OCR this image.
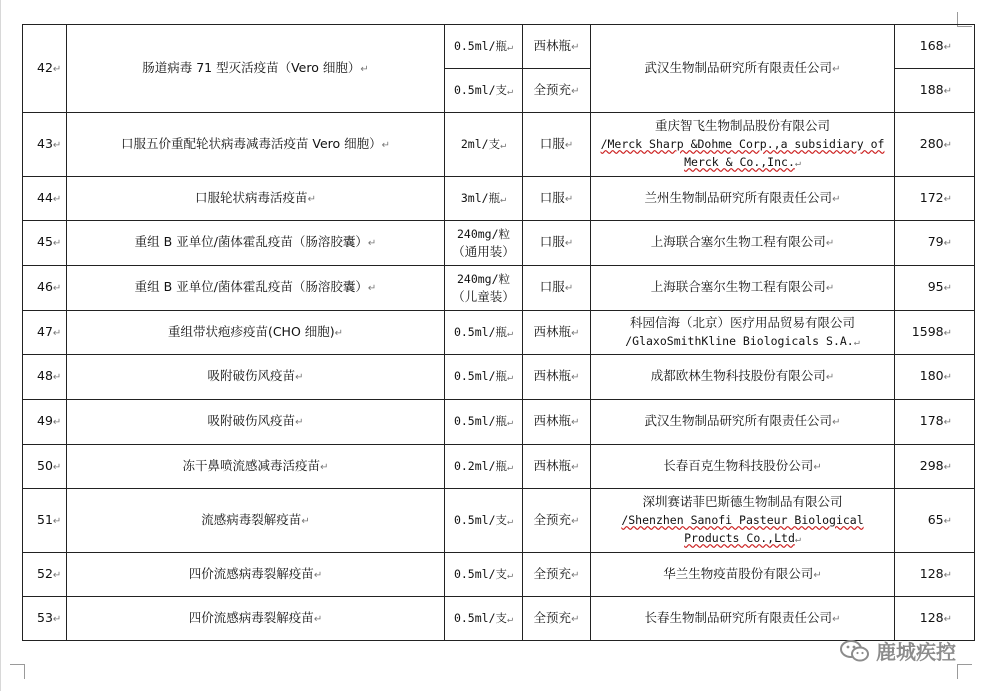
42↵	肠道病毒 71 型灭活疫苗（Vero 细胞）↵	0.5ml/瓶↵	西林瓶↵	武汉生物制品研究所有限责任公司↵	168↵
		0.5ml/支↵	全预充↵		188↵
43↵	口服五价重配轮状病毒减毒活疫苗 Vero 细胞）↵	2ml/支↵	口服↵	重庆智飞生物制品股份有限公司
/Merck Sharp &Dohme Corp.,a subsidiary of
Merck & Co.,Inc.↵	280↵
44↵	口服轮状病毒活疫苗↵	3ml/瓶↵	口服↵	兰州生物制品研究所有限责任公司↵	172↵
45↵	重组 B 亚单位/菌体霍乱疫苗（肠溶胶囊）↵	240mg/粒
（通用装）	口服↵	上海联合塞尔生物工程有限公司↵	79↵
46↵	重组 B 亚单位/菌体霍乱疫苗（肠溶胶囊）↵	240mg/粒
（儿童装）	口服↵	上海联合塞尔生物工程有限公司↵	95↵
47↵	重组带状疱疹疫苗(CHO 细胞)↵	0.5ml/瓶↵	西林瓶↵	科园信海（北京）医疗用品贸易有限公司
/GlaxoSmithKline Biologicals S.A.↵	1598↵
48↵	吸附破伤风疫苗↵	0.5ml/瓶↵	西林瓶↵	成都欧林生物科技股份有限公司↵	180↵
49↵	吸附破伤风疫苗↵	0.5ml/瓶↵	西林瓶↵	武汉生物制品研究所有限责任公司↵	178↵
50↵	冻干鼻喷流感减毒活疫苗↵	0.2ml/瓶↵	西林瓶↵	长春百克生物科技股份公司↵	298↵
51↵	流感病毒裂解疫苗↵	0.5ml/支↵	全预充↵	深圳赛诺菲巴斯德生物制品有限公司
/Shenzhen Sanofi Pasteur Biological
Products Co.,Ltd↵	65↵
52↵	四价流感病毒裂解疫苗↵	0.5ml/支↵	全预充↵	华兰生物疫苗股份有限公司↵	128↵
53↵	四价流感病毒裂解疫苗↵	0.5ml/支↵	全预充↵	长春生物制品研究所有限责任公司↵	128↵
鹿城疾控
